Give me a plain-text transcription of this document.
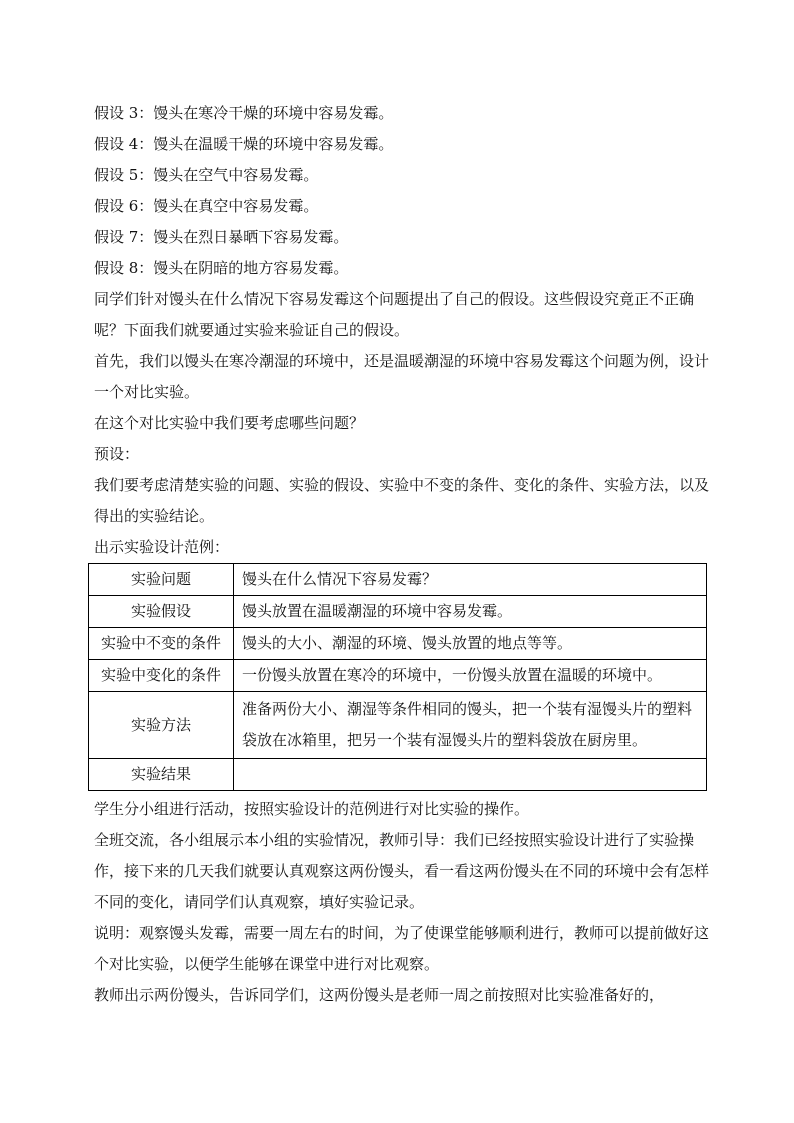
假设 3：馒头在寒冷干燥的环境中容易发霉。

假设 4：馒头在温暖干燥的环境中容易发霉。

假设 5：馒头在空气中容易发霉。

假设 6：馒头在真空中容易发霉。

假设 7：馒头在烈日暴晒下容易发霉。

假设 8：馒头在阴暗的地方容易发霉。

同学们针对馒头在什么情况下容易发霉这个问题提出了自己的假设。这些假设究竟正不正确呢？下面我们就要通过实验来验证自己的假设。

首先，我们以馒头在寒冷潮湿的环境中，还是温暖潮湿的环境中容易发霉这个问题为例，设计一个对比实验。

在这个对比实验中我们要考虑哪些问题？

预设：

我们要考虑清楚实验的问题、实验的假设、实验中不变的条件、变化的条件、实验方法，以及得出的实验结论。

出示实验设计范例：

实验问题	馒头在什么情况下容易发霉？
实验假设	馒头放置在温暖潮湿的环境中容易发霉。
实验中不变的条件	馒头的大小、潮湿的环境、馒头放置的地点等等。
实验中变化的条件	一份馒头放置在寒冷的环境中，一份馒头放置在温暖的环境中。
实验方法	准备两份大小、潮湿等条件相同的馒头，把一个装有湿馒头片的塑料袋放在冰箱里，把另一个装有湿馒头片的塑料袋放在厨房里。
实验结果	

学生分小组进行活动，按照实验设计的范例进行对比实验的操作。

全班交流，各小组展示本小组的实验情况，教师引导：我们已经按照实验设计进行了实验操作，接下来的几天我们就要认真观察这两份馒头，看一看这两份馒头在不同的环境中会有怎样不同的变化，请同学们认真观察，填好实验记录。

说明：观察馒头发霉，需要一周左右的时间，为了使课堂能够顺利进行，教师可以提前做好这个对比实验，以便学生能够在课堂中进行对比观察。

教师出示两份馒头，告诉同学们，这两份馒头是老师一周之前按照对比实验准备好的，
